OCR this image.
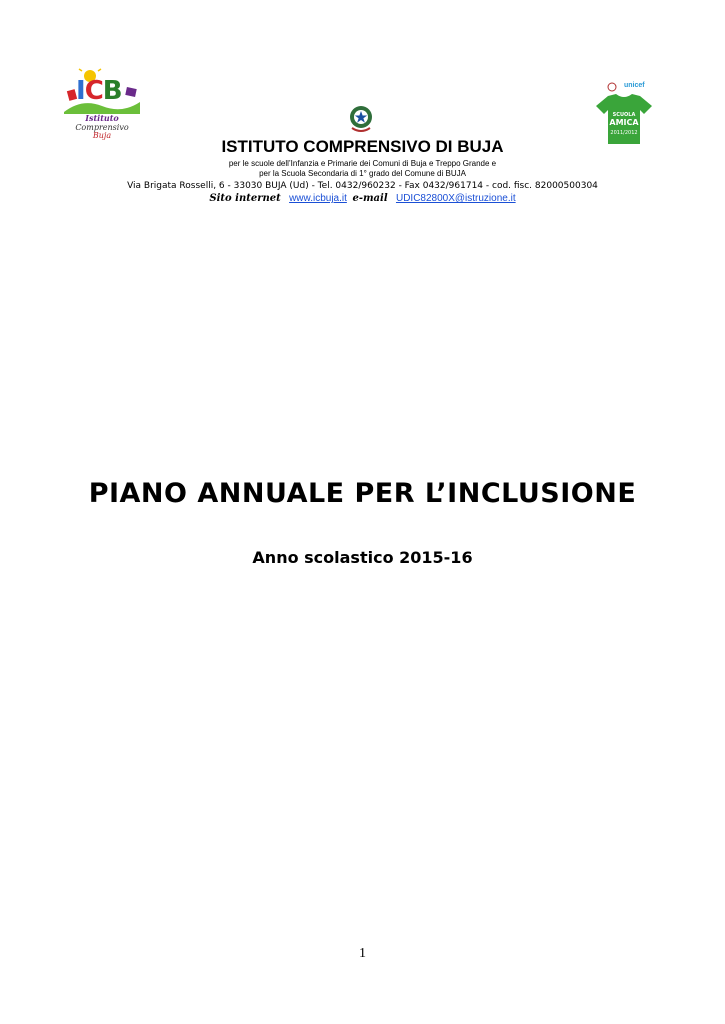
ICB
Istituto
Comprensivo
Buja
unicef
SCUOLA
AMICA
2011/2012
ISTITUTO COMPRENSIVO DI BUJA
per le scuole dell’Infanzia e Primarie dei Comuni di Buja e Treppo Grande e
per la Scuola Secondaria di 1° grado del Comune di BUJA
Via Brigata Rosselli, 6 - 33030 BUJA (Ud) - Tel. 0432/960232 - Fax 0432/961714 - cod. fisc. 82000500304
Sito internet www.icbuja.it e-mail UDIC82800X@istruzione.it
PIANO ANNUALE PER L’INCLUSIONE
Anno scolastico 2015-16
1
